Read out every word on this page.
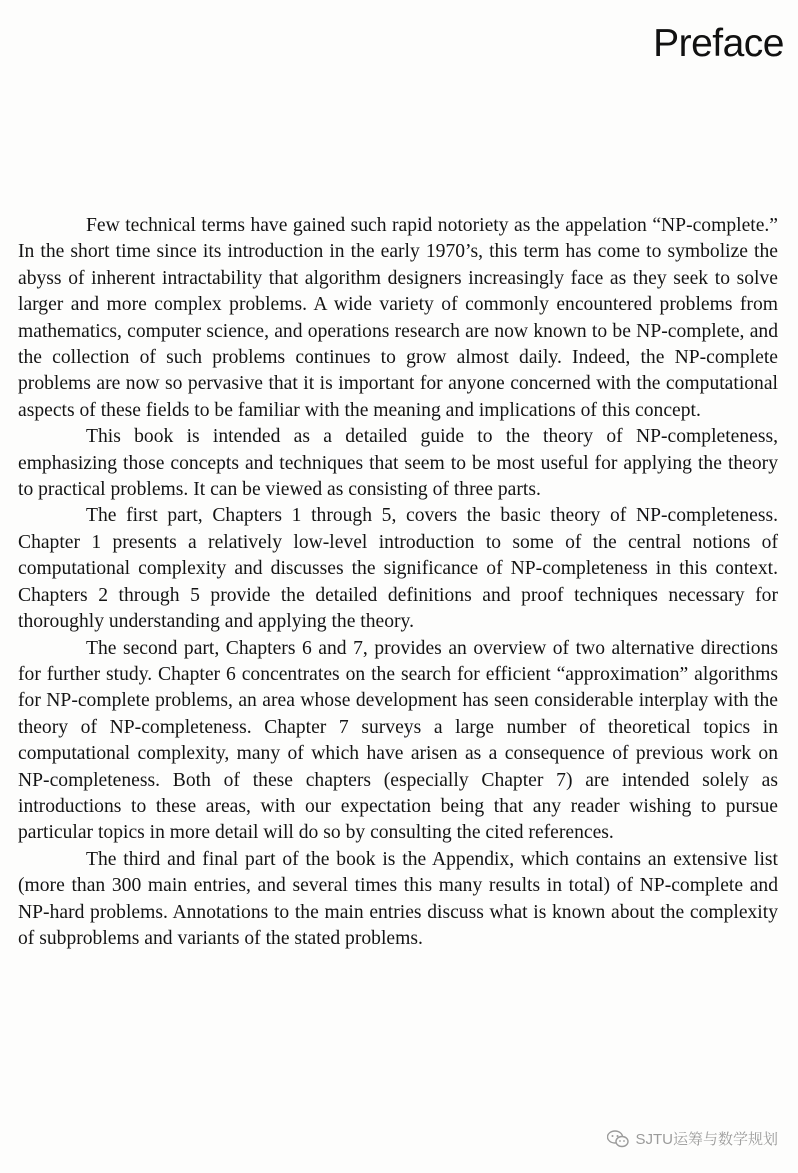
Preface

Few technical terms have gained such rapid notoriety as the appelation “NP-complete.” In the short time since its introduction in the early 1970’s, this term has come to symbolize the abyss of inherent intractability that algorithm designers increasingly face as they seek to solve larger and more complex problems. A wide variety of commonly encountered problems from mathematics, computer science, and operations research are now known to be NP-complete, and the collection of such problems continues to grow almost daily. Indeed, the NP-complete problems are now so pervasive that it is important for anyone concerned with the computational aspects of these fields to be familiar with the meaning and implications of this concept.

This book is intended as a detailed guide to the theory of NP-completeness, emphasizing those concepts and techniques that seem to be most useful for applying the theory to practical problems. It can be viewed as consisting of three parts.

The first part, Chapters 1 through 5, covers the basic theory of NP-completeness. Chapter 1 presents a relatively low-level introduction to some of the central notions of computational complexity and discusses the significance of NP-completeness in this context. Chapters 2 through 5 provide the detailed definitions and proof techniques necessary for thoroughly understanding and applying the theory.

The second part, Chapters 6 and 7, provides an overview of two alternative directions for further study. Chapter 6 concentrates on the search for efficient “approximation” algorithms for NP-complete problems, an area whose development has seen considerable interplay with the theory of NP-completeness. Chapter 7 surveys a large number of theoretical topics in computational complexity, many of which have arisen as a consequence of previous work on NP-completeness. Both of these chapters (especially Chapter 7) are intended solely as introductions to these areas, with our expectation being that any reader wishing to pursue particular topics in more detail will do so by consulting the cited references.

The third and final part of the book is the Appendix, which contains an extensive list (more than 300 main entries, and several times this many results in total) of NP-complete and NP-hard problems. Annotations to the main entries discuss what is known about the complexity of subproblems and variants of the stated problems.

SJTU运筹与数学规划
